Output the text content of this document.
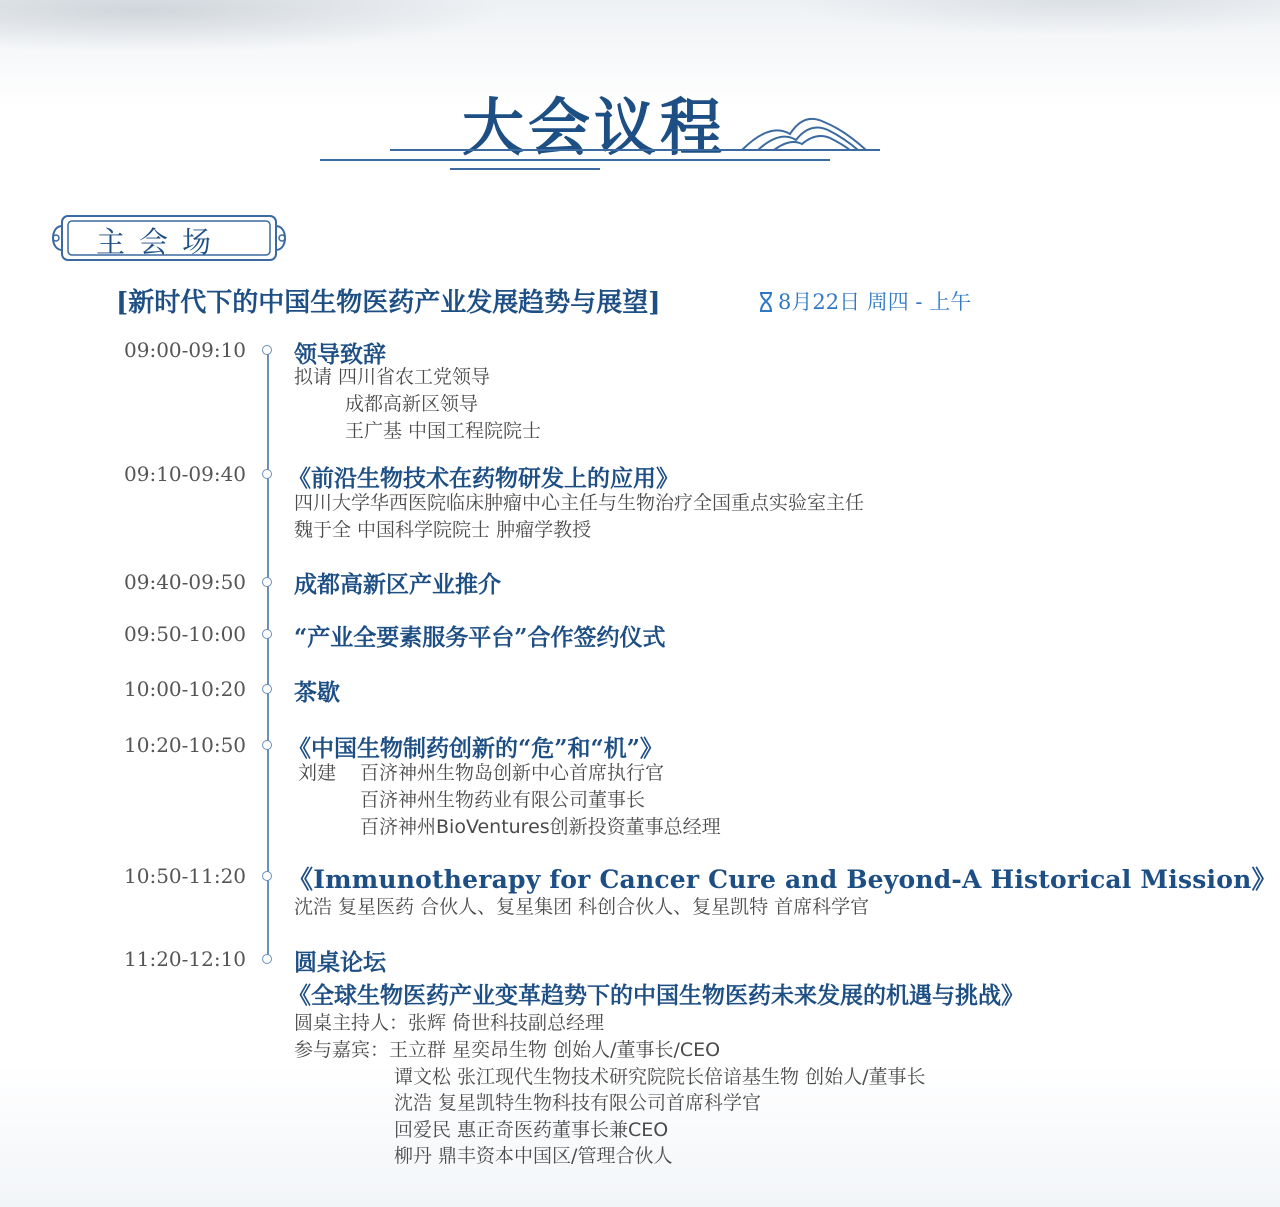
大会议程
主会场
[新时代下的中国生物医药产业发展趋势与展望]	8月22日 周四 - 上午
09:00-09:10	领导致辞
拟请 四川省农工党领导
成都高新区领导
王广基 中国工程院院士
09:10-09:40	《前沿生物技术在药物研发上的应用》
四川大学华西医院临床肿瘤中心主任与生物治疗全国重点实验室主任
魏于全 中国科学院院士 肿瘤学教授
09:40-09:50	成都高新区产业推介
09:50-10:00	“产业全要素服务平台”合作签约仪式
10:00-10:20	茶歇
10:20-10:50	《中国生物制药创新的“危”和“机”》
刘建 百济神州生物岛创新中心首席执行官
百济神州生物药业有限公司董事长
百济神州BioVentures创新投资董事总经理
10:50-11:20	《Immunotherapy for Cancer Cure and Beyond-A Historical Mission》
沈浩 复星医药 合伙人、复星集团 科创合伙人、复星凯特 首席科学官
11:20-12:10	圆桌论坛
《全球生物医药产业变革趋势下的中国生物医药未来发展的机遇与挑战》
圆桌主持人：张辉 倚世科技副总经理
参与嘉宾：王立群 星奕昂生物 创始人/董事长/CEO
谭文松 张江现代生物技术研究院院长倍谙基生物 创始人/董事长
沈浩 复星凯特生物科技有限公司首席科学官
回爱民 惠正奇医药董事长兼CEO
柳丹 鼎丰资本中国区/管理合伙人
